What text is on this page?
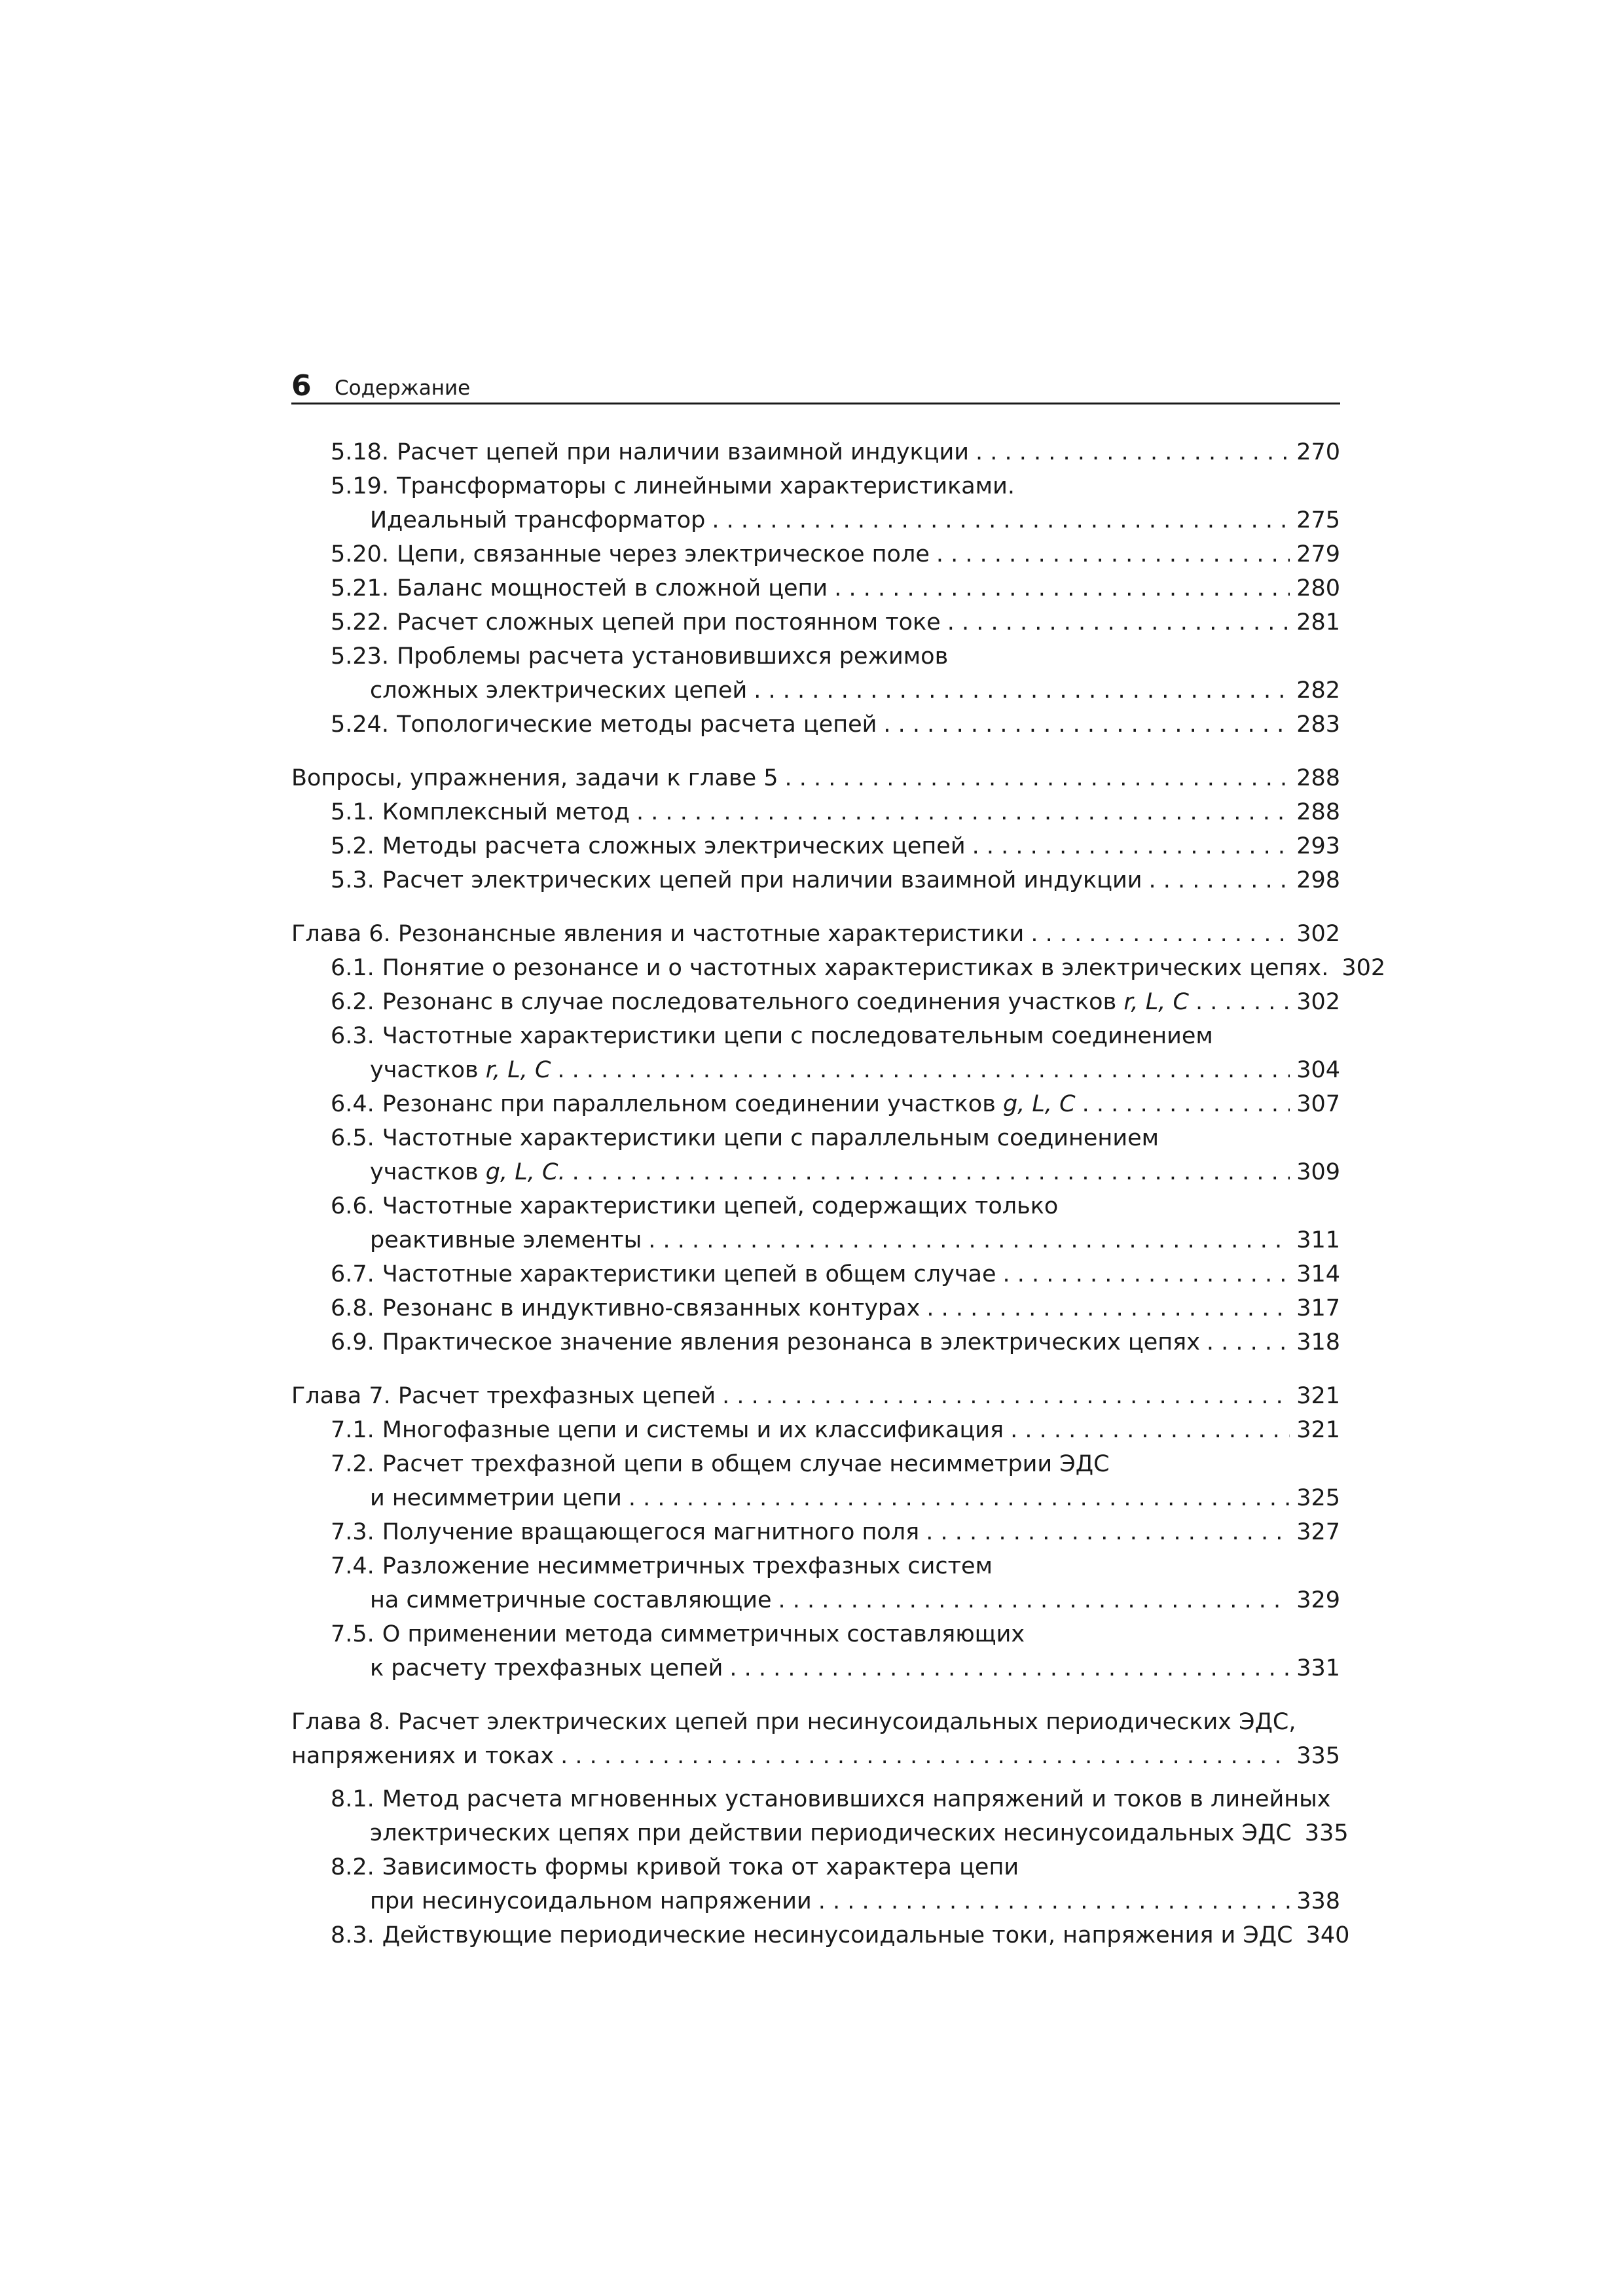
6 Содержание
5.18. Расчет цепей при наличии взаимной индукции . . .	270
5.19. Трансформаторы с линейными характеристиками.
Идеальный трансформатор . . .	275
5.20. Цепи, связанные через электрическое поле . . .	279
5.21. Баланс мощностей в сложной цепи . . .	280
5.22. Расчет сложных цепей при постоянном токе . . .	281
5.23. Проблемы расчета установившихся режимов
сложных электрических цепей . . .	282
5.24. Топологические методы расчета цепей . . .	283
Вопросы, упражнения, задачи к главе 5 . . .	288
5.1. Комплексный метод . . .	288
5.2. Методы расчета сложных электрических цепей . . .	293
5.3. Расчет электрических цепей при наличии взаимной индукции . . .	298
Глава 6. Резонансные явления и частотные характеристики . . .	302
6.1. Понятие о резонансе и о частотных характеристиках в электрических цепях. 302
6.2. Резонанс в случае последовательного соединения участков r, L, C . . .	302
6.3. Частотные характеристики цепи с последовательным соединением
участков r, L, C . . .	304
6.4. Резонанс при параллельном соединении участков g, L, C . . .	307
6.5. Частотные характеристики цепи с параллельным соединением
участков g, L, C. . . .	309
6.6. Частотные характеристики цепей, содержащих только
реактивные элементы . . .	311
6.7. Частотные характеристики цепей в общем случае . . .	314
6.8. Резонанс в индуктивно-связанных контурах . . .	317
6.9. Практическое значение явления резонанса в электрических цепях . . .	318
Глава 7. Расчет трехфазных цепей . . .	321
7.1. Многофазные цепи и системы и их классификация . . .	321
7.2. Расчет трехфазной цепи в общем случае несимметрии ЭДС
и несимметрии цепи . . .	325
7.3. Получение вращающегося магнитного поля . . .	327
7.4. Разложение несимметричных трехфазных систем
на симметричные составляющие . . .	329
7.5. О применении метода симметричных составляющих
к расчету трехфазных цепей . . .	331
Глава 8. Расчет электрических цепей при несинусоидальных периодических ЭДС,
напряжениях и токах . . .	335
8.1. Метод расчета мгновенных установившихся напряжений и токов в линейных
электрических цепях при действии периодических несинусоидальных ЭДС 335
8.2. Зависимость формы кривой тока от характера цепи
при несинусоидальном напряжении . . .	338
8.3. Действующие периодические несинусоидальные токи, напряжения и ЭДС 340
